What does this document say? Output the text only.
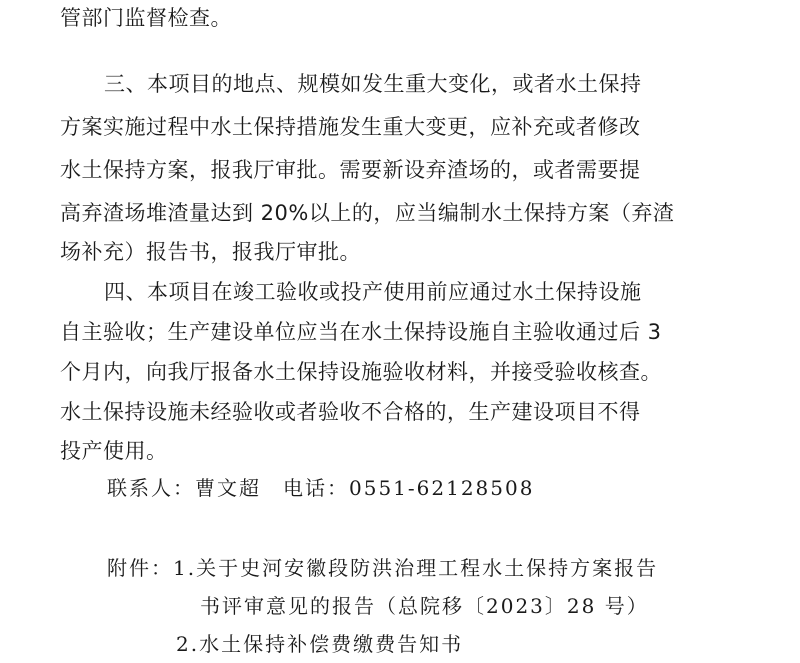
管部门监督检查。
三、本项目的地点、规模如发生重大变化，或者水土保持
方案实施过程中水土保持措施发生重大变更，应补充或者修改
水土保持方案，报我厅审批。需要新设弃渣场的，或者需要提
高弃渣场堆渣量达到 20%以上的，应当编制水土保持方案（弃渣
场补充）报告书，报我厅审批。
四、本项目在竣工验收或投产使用前应通过水土保持设施
自主验收；生产建设单位应当在水土保持设施自主验收通过后 3
个月内，向我厅报备水土保持设施验收材料，并接受验收核查。
水土保持设施未经验收或者验收不合格的，生产建设项目不得
投产使用。
联系人：曹文超　电话：0551-62128508
附件：1.关于史河安徽段防洪治理工程水土保持方案报告
书评审意见的报告（总院移〔2023〕28 号）
2.水土保持补偿费缴费告知书
